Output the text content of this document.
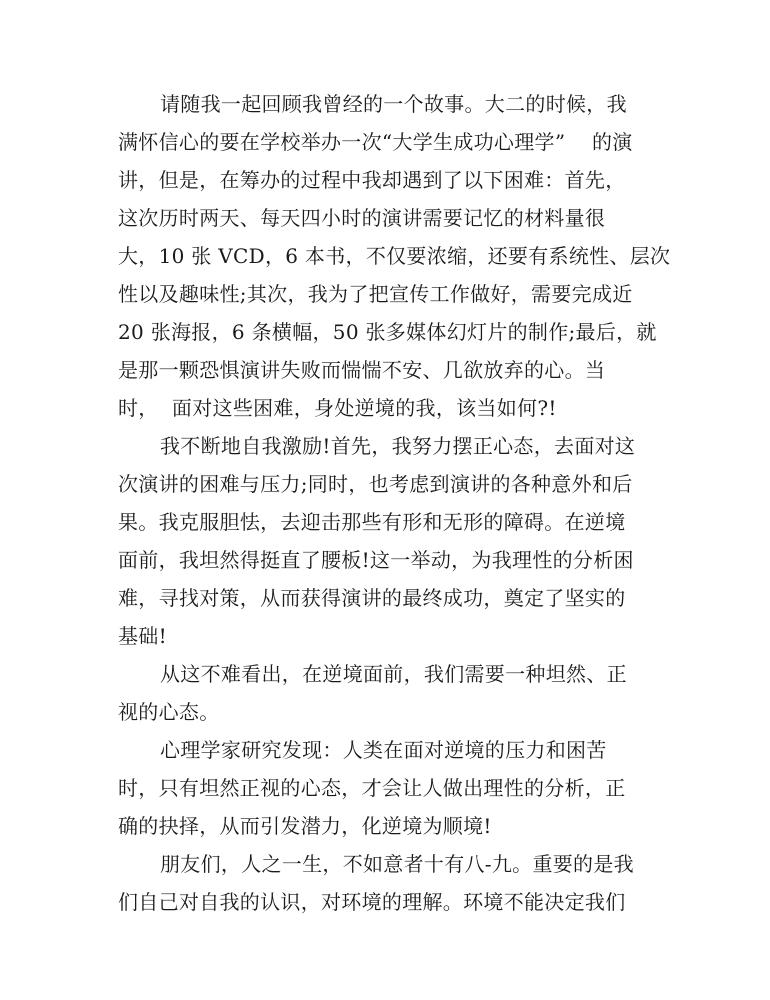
请随我一起回顾我曾经的一个故事。大二的时候，我
满怀信心的要在学校举办一次“大学生成功心理学”    的演
讲，但是，在筹办的过程中我却遇到了以下困难：首先，
这次历时两天、每天四小时的演讲需要记忆的材料量很
大，10 张 VCD，6 本书，不仅要浓缩，还要有系统性、层次
性以及趣味性;其次，我为了把宣传工作做好，需要完成近
20 张海报，6 条横幅，50 张多媒体幻灯片的制作;最后，就
是那一颗恐惧演讲失败而惴惴不安、几欲放弃的心。当
时，  面对这些困难，身处逆境的我，该当如何?!
我不断地自我激励!首先，我努力摆正心态，去面对这
次演讲的困难与压力;同时，也考虑到演讲的各种意外和后
果。我克服胆怯，去迎击那些有形和无形的障碍。在逆境
面前，我坦然得挺直了腰板!这一举动，为我理性的分析困
难，寻找对策，从而获得演讲的最终成功，奠定了坚实的
基础!
从这不难看出，在逆境面前，我们需要一种坦然、正
视的心态。
心理学家研究发现：人类在面对逆境的压力和困苦
时，只有坦然正视的心态，才会让人做出理性的分析，正
确的抉择，从而引发潜力，化逆境为顺境!
朋友们，人之一生，不如意者十有八-九。重要的是我
们自己对自我的认识，对环境的理解。环境不能决定我们
